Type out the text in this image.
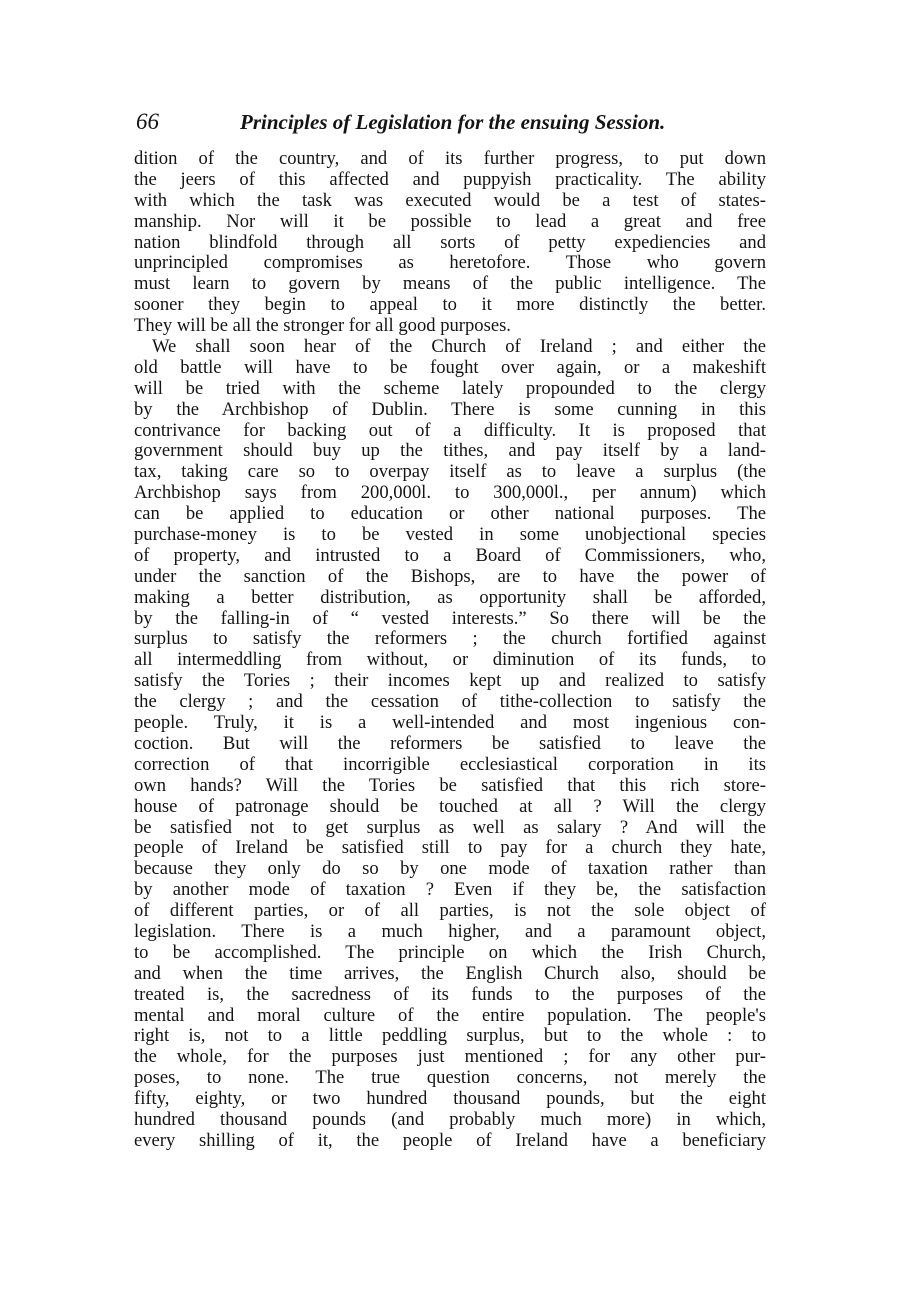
66	Principles of Legislation for the ensuing Session.
dition of the country, and of its further progress, to put down
the jeers of this affected and puppyish practicality. The ability
with which the task was executed would be a test of states-
manship. Nor will it be possible to lead a great and free
nation blindfold through all sorts of petty expediencies and
unprincipled compromises as heretofore. Those who govern
must learn to govern by means of the public intelligence. The
sooner they begin to appeal to it more distinctly the better.
They will be all the stronger for all good purposes.
We shall soon hear of the Church of Ireland ; and either the
old battle will have to be fought over again, or a makeshift
will be tried with the scheme lately propounded to the clergy
by the Archbishop of Dublin. There is some cunning in this
contrivance for backing out of a difficulty. It is proposed that
government should buy up the tithes, and pay itself by a land-
tax, taking care so to overpay itself as to leave a surplus (the
Archbishop says from 200,000l. to 300,000l., per annum) which
can be applied to education or other national purposes. The
purchase-money is to be vested in some unobjectional species
of property, and intrusted to a Board of Commissioners, who,
under the sanction of the Bishops, are to have the power of
making a better distribution, as opportunity shall be afforded,
by the falling-in of “ vested interests.” So there will be the
surplus to satisfy the reformers ; the church fortified against
all intermeddling from without, or diminution of its funds, to
satisfy the Tories ; their incomes kept up and realized to satisfy
the clergy ; and the cessation of tithe-collection to satisfy the
people. Truly, it is a well-intended and most ingenious con-
coction. But will the reformers be satisfied to leave the
correction of that incorrigible ecclesiastical corporation in its
own hands? Will the Tories be satisfied that this rich store-
house of patronage should be touched at all ? Will the clergy
be satisfied not to get surplus as well as salary ? And will the
people of Ireland be satisfied still to pay for a church they hate,
because they only do so by one mode of taxation rather than
by another mode of taxation ? Even if they be, the satisfaction
of different parties, or of all parties, is not the sole object of
legislation. There is a much higher, and a paramount object,
to be accomplished. The principle on which the Irish Church,
and when the time arrives, the English Church also, should be
treated is, the sacredness of its funds to the purposes of the
mental and moral culture of the entire population. The people's
right is, not to a little peddling surplus, but to the whole : to
the whole, for the purposes just mentioned ; for any other pur-
poses, to none. The true question concerns, not merely the
fifty, eighty, or two hundred thousand pounds, but the eight
hundred thousand pounds (and probably much more) in which,
every shilling of it, the people of Ireland have a beneficiary
